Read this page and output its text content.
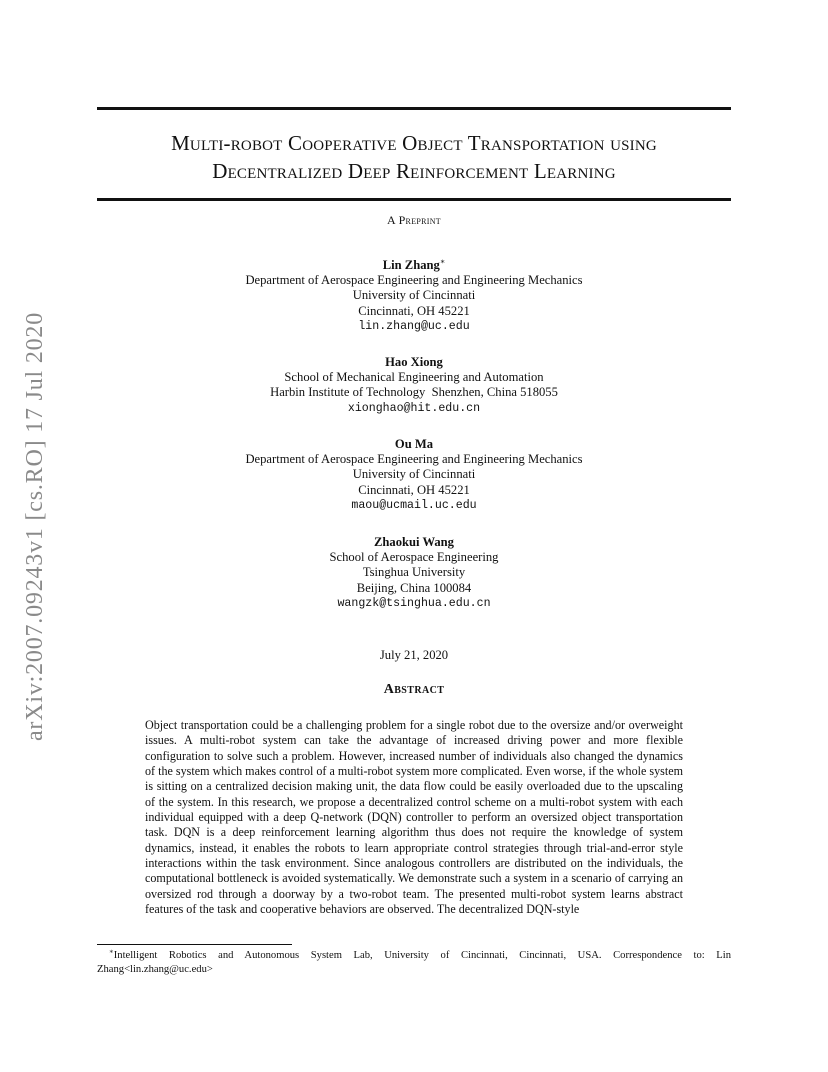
arXiv:2007.09243v1 [cs.RO] 17 Jul 2020
Multi-robot Cooperative Object Transportation using
Decentralized Deep Reinforcement Learning
A Preprint
Lin Zhang∗
Department of Aerospace Engineering and Engineering Mechanics
University of Cincinnati
Cincinnati, OH 45221
lin.zhang@uc.edu
Hao Xiong
School of Mechanical Engineering and Automation
Harbin Institute of Technology  Shenzhen, China 518055
xionghao@hit.edu.cn
Ou Ma
Department of Aerospace Engineering and Engineering Mechanics
University of Cincinnati
Cincinnati, OH 45221
maou@ucmail.uc.edu
Zhaokui Wang
School of Aerospace Engineering
Tsinghua University
Beijing, China 100084
wangzk@tsinghua.edu.cn
July 21, 2020
Abstract

Object transportation could be a challenging problem for a single robot due to the oversize and/or overweight issues. A multi-robot system can take the advantage of increased driving power and more flexible configuration to solve such a problem. However, increased number of individuals also changed the dynamics of the system which makes control of a multi-robot system more complicated. Even worse, if the whole system is sitting on a centralized decision making unit, the data flow could be easily overloaded due to the upscaling of the system. In this research, we propose a decentralized control scheme on a multi-robot system with each individual equipped with a deep Q-network (DQN) controller to perform an oversized object transportation task. DQN is a deep reinforcement learning algorithm thus does not require the knowledge of system dynamics, instead, it enables the robots to learn appropriate control strategies through trial-and-error style interactions within the task environment. Since analogous controllers are distributed on the individuals, the computational bottleneck is avoided systematically. We demonstrate such a system in a scenario of carrying an oversized rod through a doorway by a two-robot team. The presented multi-robot system learns abstract features of the task and cooperative behaviors are observed. The decentralized DQN-style

∗Intelligent Robotics and Autonomous System Lab, University of Cincinnati, Cincinnati, USA. Correspondence to: Lin Zhang<lin.zhang@uc.edu>
